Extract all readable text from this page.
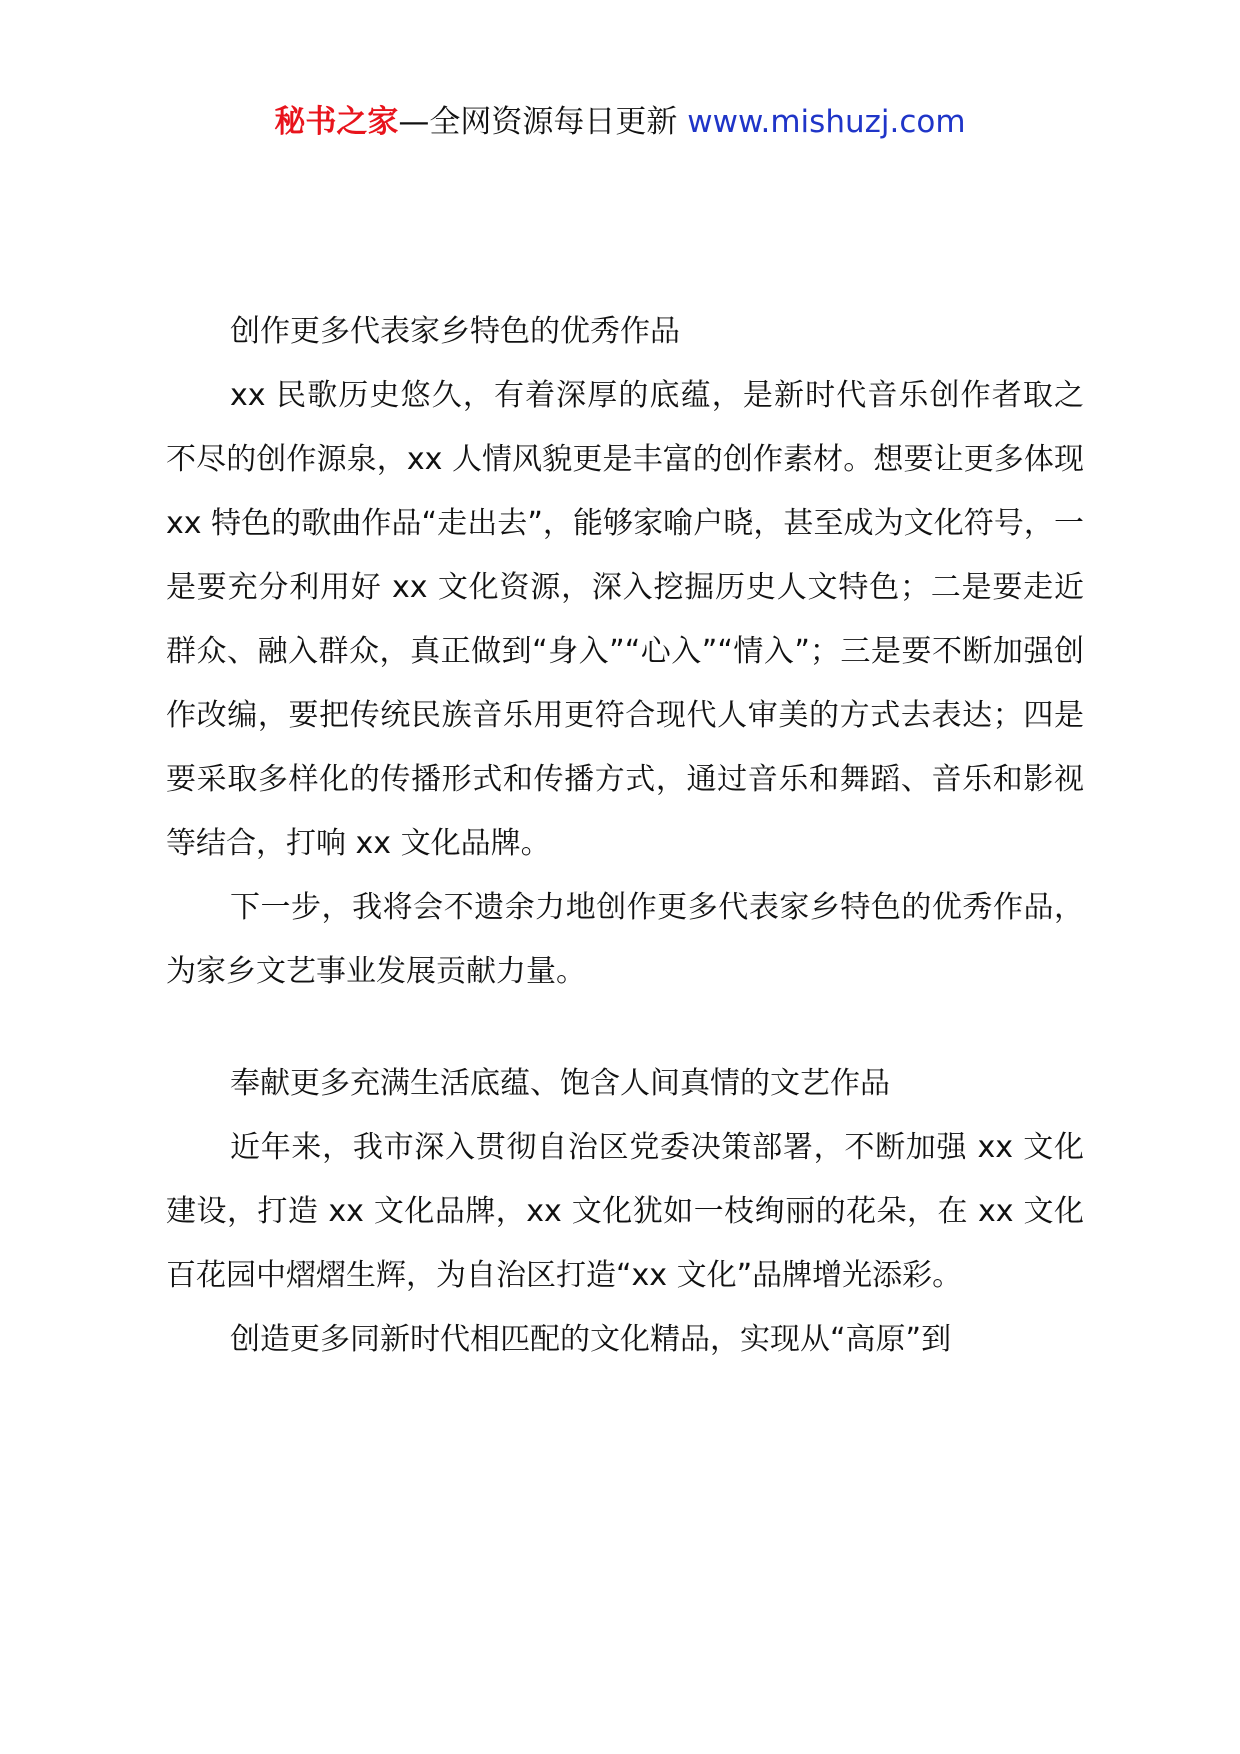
秘书之家—全网资源每日更新 www.mishuzj.com

创作更多代表家乡特色的优秀作品

xx 民歌历史悠久，有着深厚的底蕴，是新时代音乐创作者取之不尽的创作源泉，xx 人情风貌更是丰富的创作素材。想要让更多体现 xx 特色的歌曲作品“走出去”，能够家喻户晓，甚至成为文化符号，一是要充分利用好 xx 文化资源，深入挖掘历史人文特色；二是要走近群众、融入群众，真正做到“身入”“心入”“情入”；三是要不断加强创作改编，要把传统民族音乐用更符合现代人审美的方式去表达；四是要采取多样化的传播形式和传播方式，通过音乐和舞蹈、音乐和影视等结合，打响 xx 文化品牌。

下一步，我将会不遗余力地创作更多代表家乡特色的优秀作品，为家乡文艺事业发展贡献力量。

奉献更多充满生活底蕴、饱含人间真情的文艺作品

近年来，我市深入贯彻自治区党委决策部署，不断加强 xx 文化建设，打造 xx 文化品牌，xx 文化犹如一枝绚丽的花朵，在 xx 文化百花园中熠熠生辉，为自治区打造“xx 文化”品牌增光添彩。

创造更多同新时代相匹配的文化精品，实现从“高原”到
